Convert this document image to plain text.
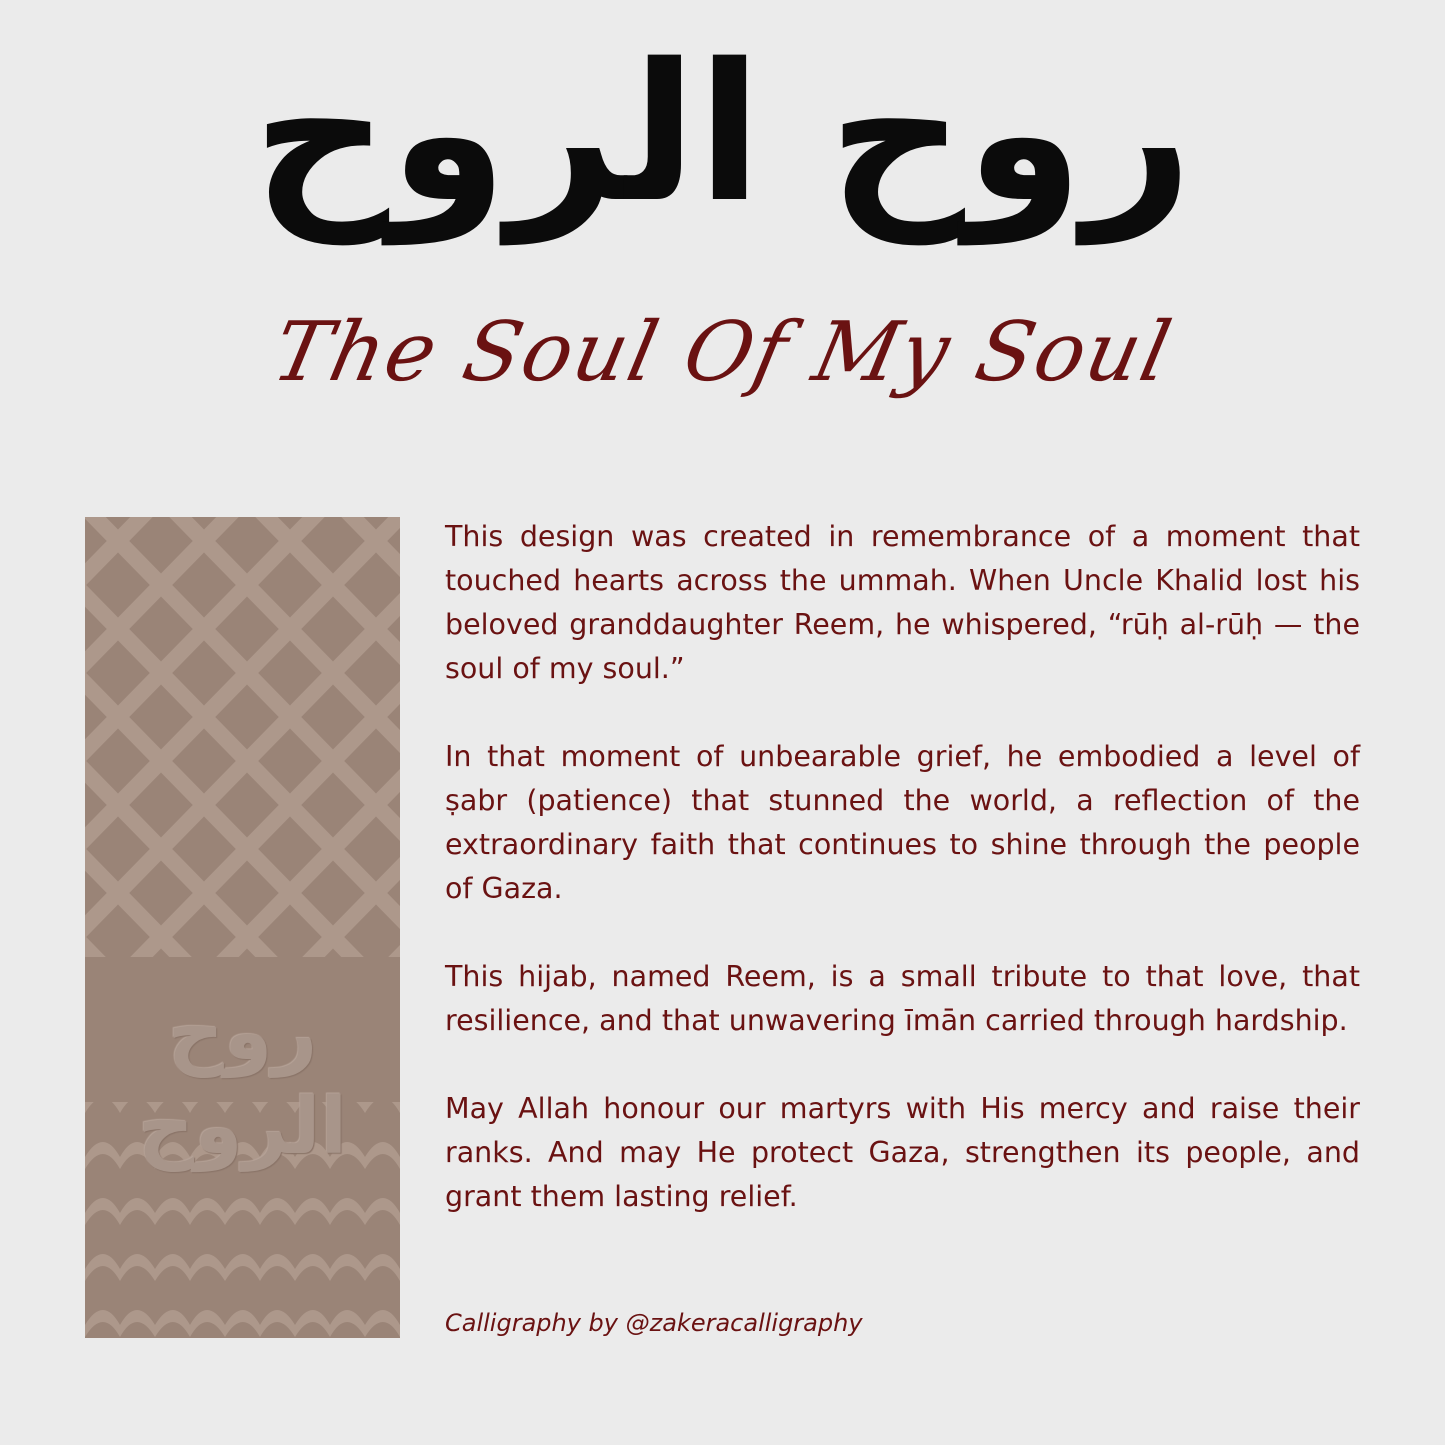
روح الروح
The Soul Of My Soul
روح الروح

This design was created in remembrance of a moment that touched hearts across the ummah. When Uncle Khalid lost his beloved granddaughter Reem, he whispered, “rūḥ al-rūḥ — the soul of my soul.”

In that moment of unbearable grief, he embodied a level of ṣabr (patience) that stunned the world, a reflection of the extraordinary faith that continues to shine through the people of Gaza.

This hijab, named Reem, is a small tribute to that love, that resilience, and that unwavering īmān carried through hardship.

May Allah honour our martyrs with His mercy and raise their ranks. And may He protect Gaza, strengthen its people, and grant them lasting relief.

Calligraphy by @zakeracalligraphy
